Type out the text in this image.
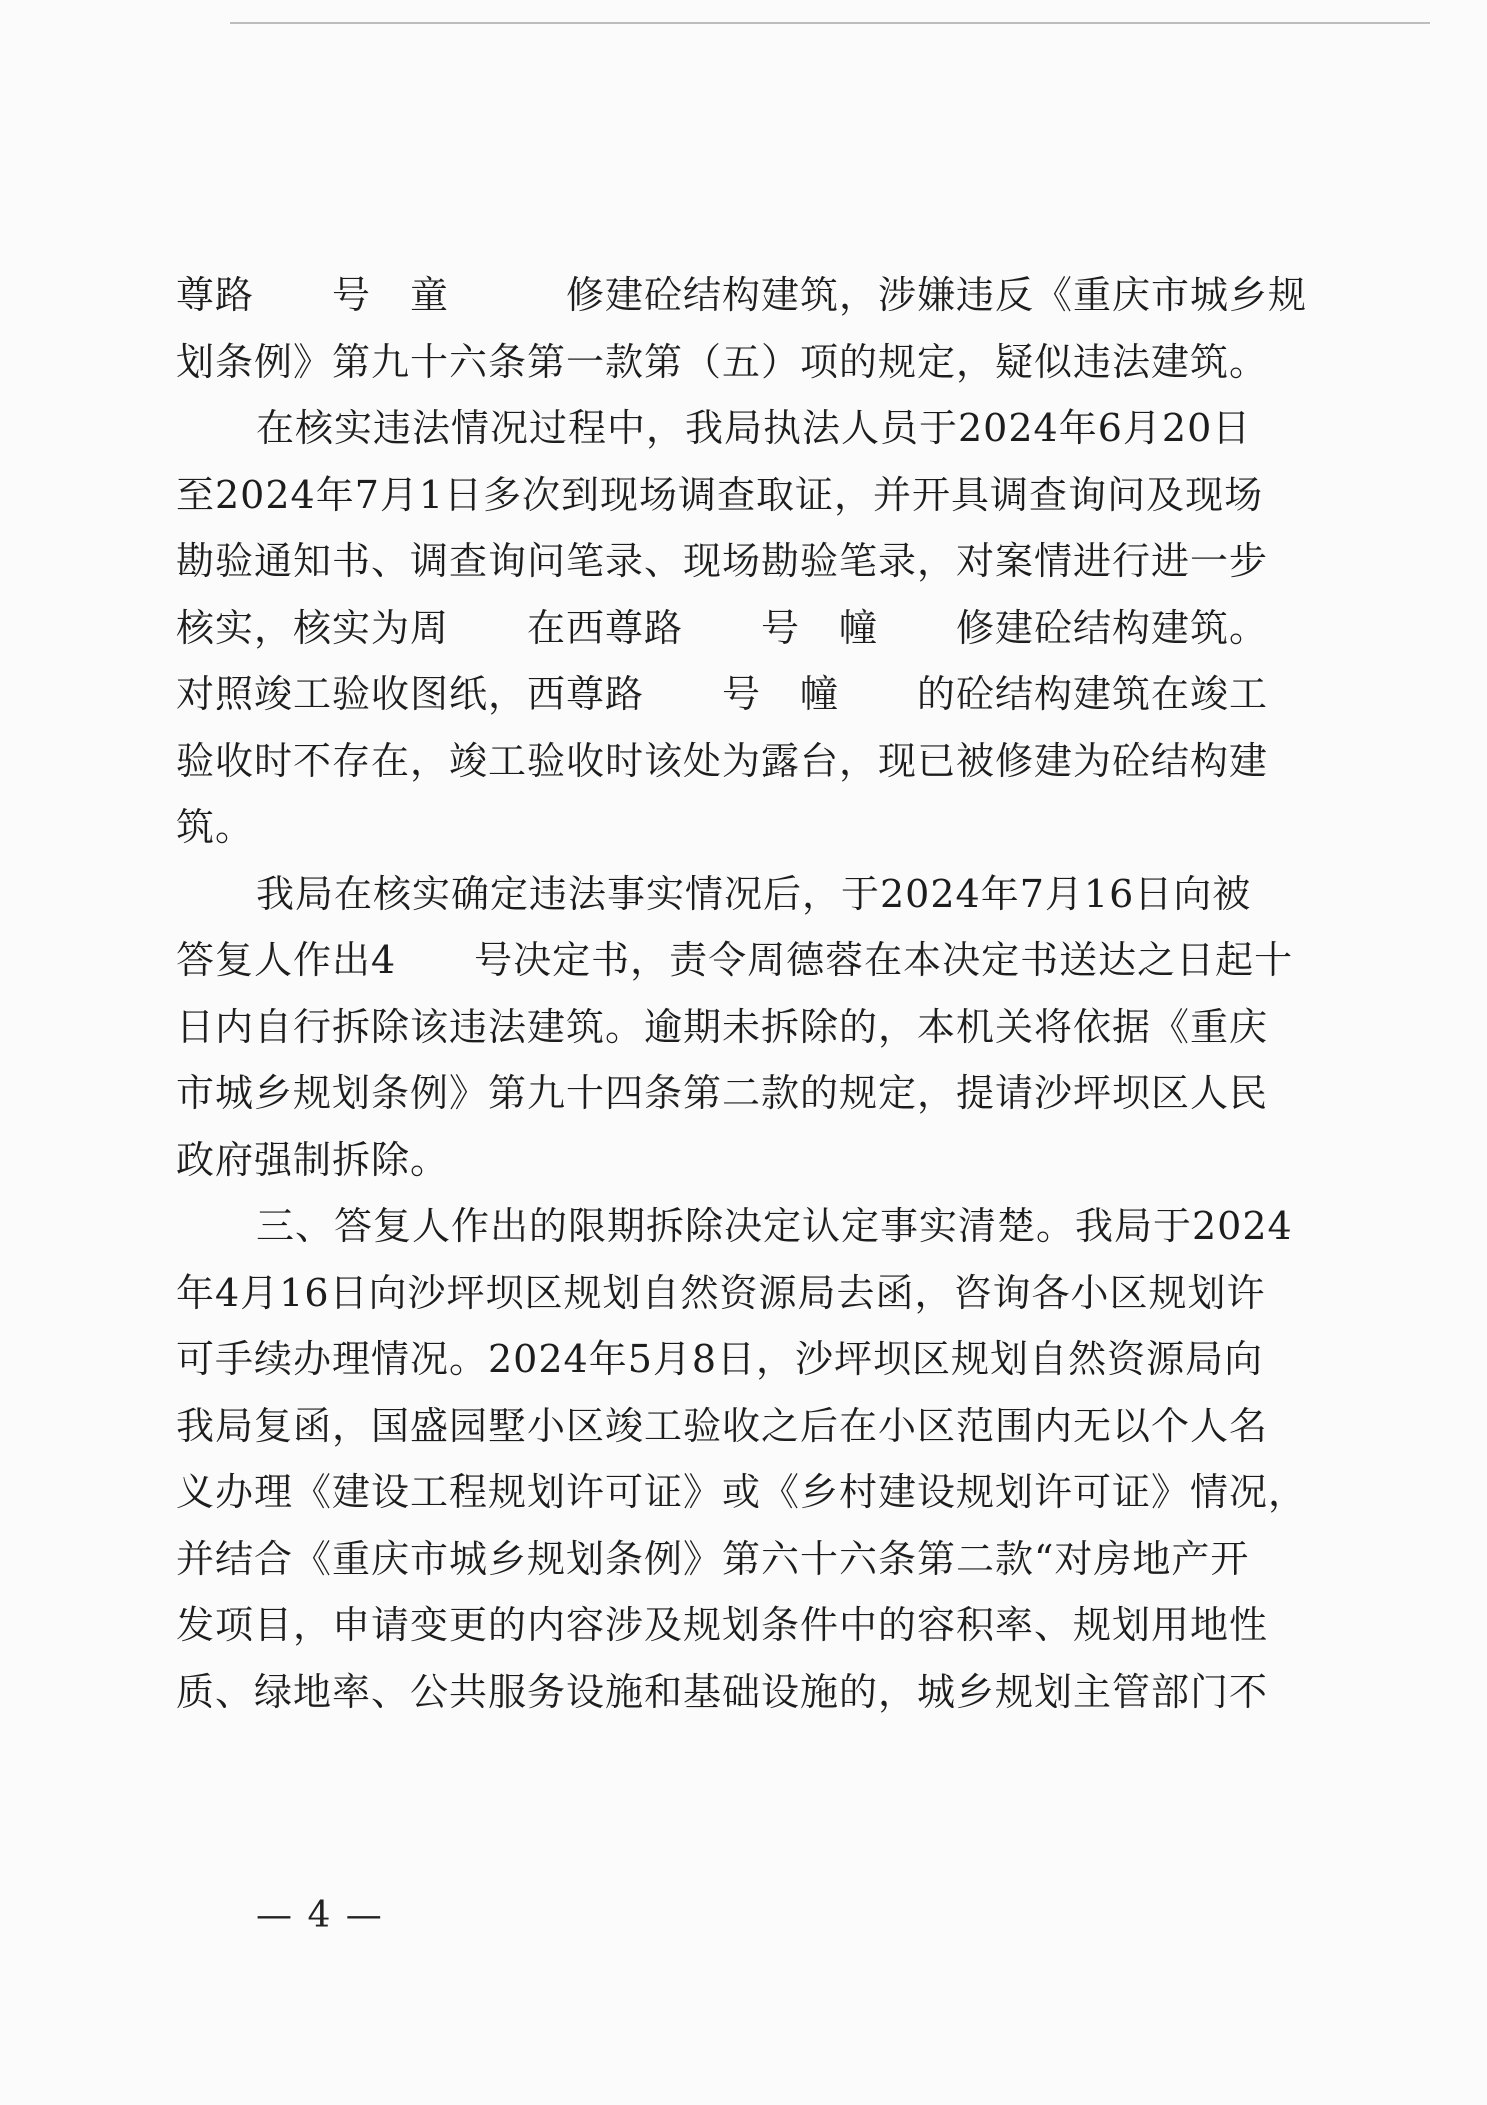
尊路　　号　童　　　修建砼结构建筑，涉嫌违反《重庆市城乡规
划条例》第九十六条第一款第（五）项的规定，疑似违法建筑。
在核实违法情况过程中，我局执法人员于2024年6月20日
至2024年7月1日多次到现场调查取证，并开具调查询问及现场
勘验通知书、调查询问笔录、现场勘验笔录，对案情进行进一步
核实，核实为周　　在西尊路　　号　幢　　修建砼结构建筑。
对照竣工验收图纸，西尊路　　号　幢　　的砼结构建筑在竣工
验收时不存在，竣工验收时该处为露台，现已被修建为砼结构建
筑。
我局在核实确定违法事实情况后，于2024年7月16日向被
答复人作出4　　号决定书，责令周德蓉在本决定书送达之日起十
日内自行拆除该违法建筑。逾期未拆除的，本机关将依据《重庆
市城乡规划条例》第九十四条第二款的规定，提请沙坪坝区人民
政府强制拆除。
三、答复人作出的限期拆除决定认定事实清楚。我局于2024
年4月16日向沙坪坝区规划自然资源局去函，咨询各小区规划许
可手续办理情况。2024年5月8日，沙坪坝区规划自然资源局向
我局复函，国盛园墅小区竣工验收之后在小区范围内无以个人名
义办理《建设工程规划许可证》或《乡村建设规划许可证》情况，
并结合《重庆市城乡规划条例》第六十六条第二款“对房地产开
发项目，申请变更的内容涉及规划条件中的容积率、规划用地性
质、绿地率、公共服务设施和基础设施的，城乡规划主管部门不
— 4 —
